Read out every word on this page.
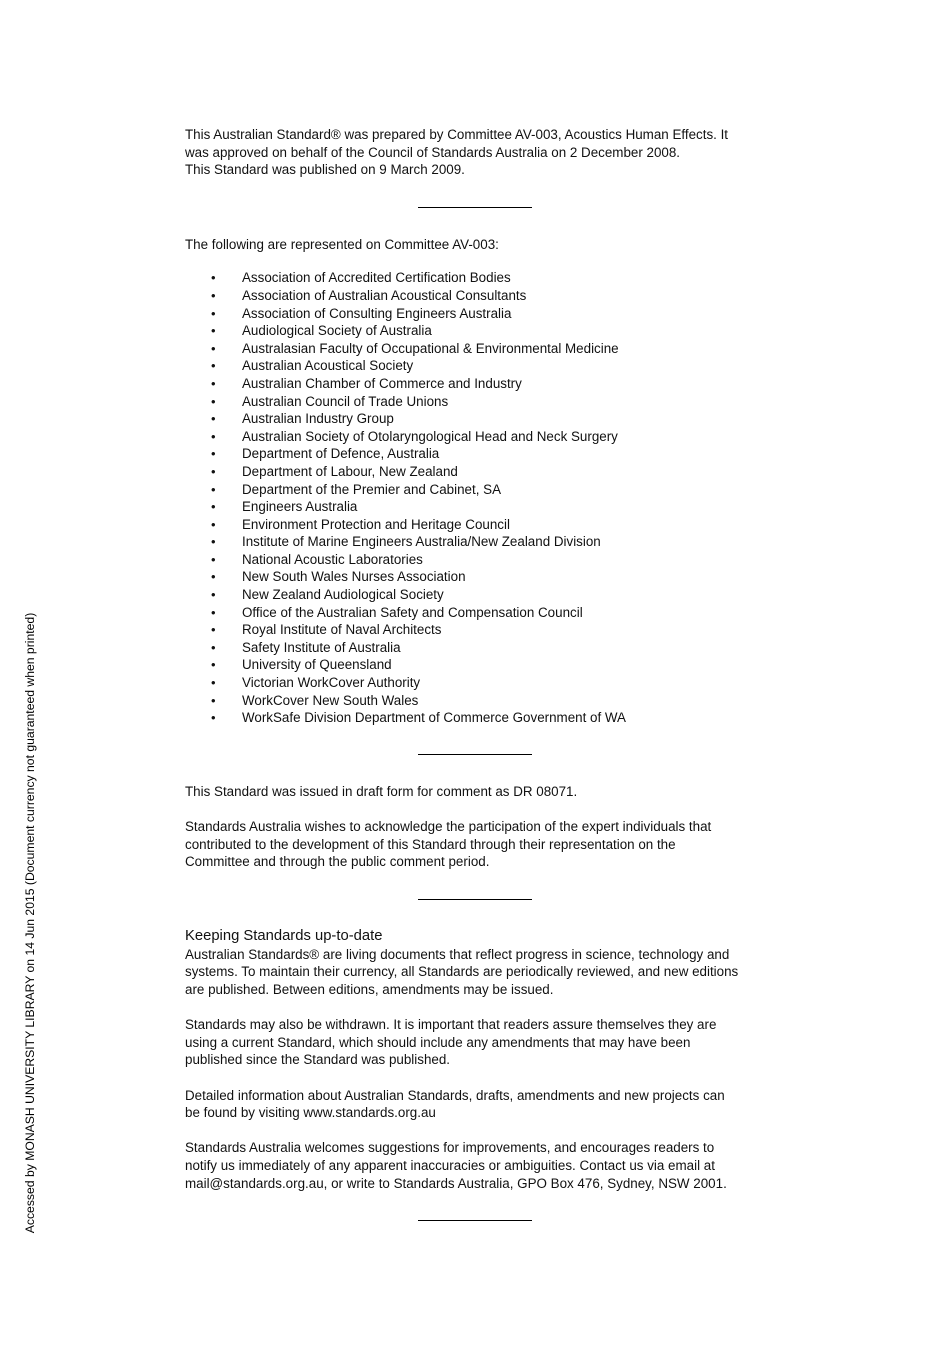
Accessed by MONASH UNIVERSITY LIBRARY on 14 Jun 2015 (Document currency not guaranteed when printed)
This Australian Standard® was prepared by Committee AV-003, Acoustics Human Effects. It
was approved on behalf of the Council of Standards Australia on 2 December 2008.
This Standard was published on 9 March 2009.
The following are represented on Committee AV-003:
• Association of Accredited Certification Bodies
• Association of Australian Acoustical Consultants
• Association of Consulting Engineers Australia
• Audiological Society of Australia
• Australasian Faculty of Occupational & Environmental Medicine
• Australian Acoustical Society
• Australian Chamber of Commerce and Industry
• Australian Council of Trade Unions
• Australian Industry Group
• Australian Society of Otolaryngological Head and Neck Surgery
• Department of Defence, Australia
• Department of Labour, New Zealand
• Department of the Premier and Cabinet, SA
• Engineers Australia
• Environment Protection and Heritage Council
• Institute of Marine Engineers Australia/New Zealand Division
• National Acoustic Laboratories
• New South Wales Nurses Association
• New Zealand Audiological Society
• Office of the Australian Safety and Compensation Council
• Royal Institute of Naval Architects
• Safety Institute of Australia
• University of Queensland
• Victorian WorkCover Authority
• WorkCover New South Wales
• WorkSafe Division Department of Commerce Government of WA
This Standard was issued in draft form for comment as DR 08071.
Standards Australia wishes to acknowledge the participation of the expert individuals that
contributed to the development of this Standard through their representation on the
Committee and through the public comment period.
Keeping Standards up-to-date
Australian Standards® are living documents that reflect progress in science, technology and
systems. To maintain their currency, all Standards are periodically reviewed, and new editions
are published. Between editions, amendments may be issued.
Standards may also be withdrawn. It is important that readers assure themselves they are
using a current Standard, which should include any amendments that may have been
published since the Standard was published.
Detailed information about Australian Standards, drafts, amendments and new projects can
be found by visiting www.standards.org.au
Standards Australia welcomes suggestions for improvements, and encourages readers to
notify us immediately of any apparent inaccuracies or ambiguities. Contact us via email at
mail@standards.org.au, or write to Standards Australia, GPO Box 476, Sydney, NSW 2001.
